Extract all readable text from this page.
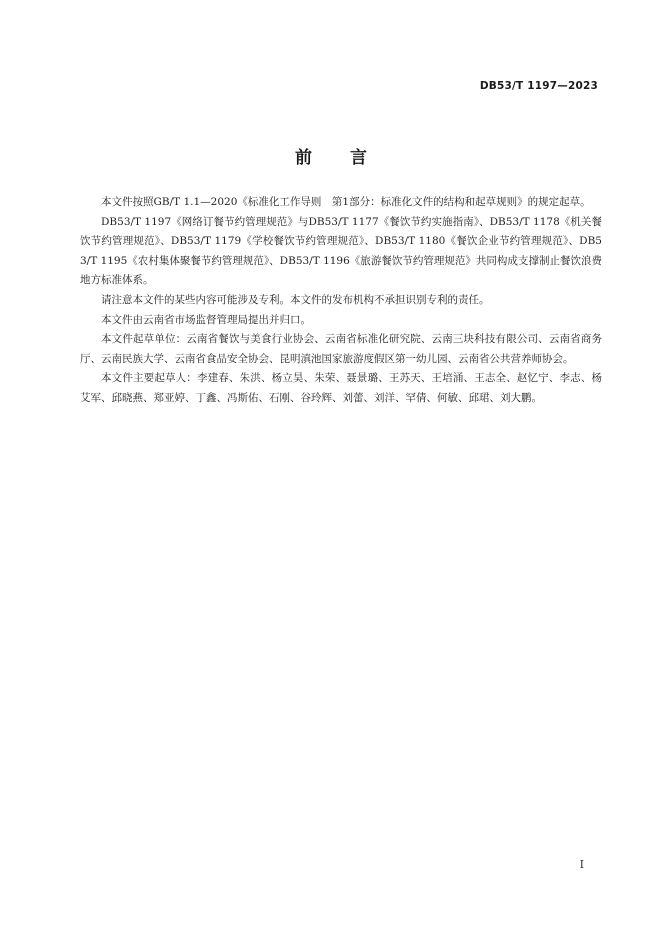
DB53/T 1197—2023
前言

本文件按照GB/T 1.1—2020《标准化工作导则　第1部分：标准化文件的结构和起草规则》的规定起草。

DB53/T 1197《网络订餐节约管理规范》与DB53/T 1177《餐饮节约实施指南》、DB53/T 1178《机关餐饮节约管理规范》、DB53/T 1179《学校餐饮节约管理规范》、DB53/T 1180《餐饮企业节约管理规范》、DB53/T 1195《农村集体聚餐节约管理规范》、DB53/T 1196《旅游餐饮节约管理规范》共同构成支撑制止餐饮浪费地方标准体系。

请注意本文件的某些内容可能涉及专利。本文件的发布机构不承担识别专利的责任。

本文件由云南省市场监督管理局提出并归口。

本文件起草单位：云南省餐饮与美食行业协会、云南省标准化研究院、云南三块科技有限公司、云南省商务厅、云南民族大学、云南省食品安全协会、昆明滇池国家旅游度假区第一幼儿园、云南省公共营养师协会。

本文件主要起草人：李建春、朱洪、杨立昊、朱荣、聂景璐、王苏天、王培涌、王志全、赵忆宁、李志、杨艾军、邱晓燕、郑亚婷、丁鑫、冯斯佑、石刚、谷玲辉、刘蕾、刘洋、罕倩、何敏、邱珺、刘大鹏。

I
